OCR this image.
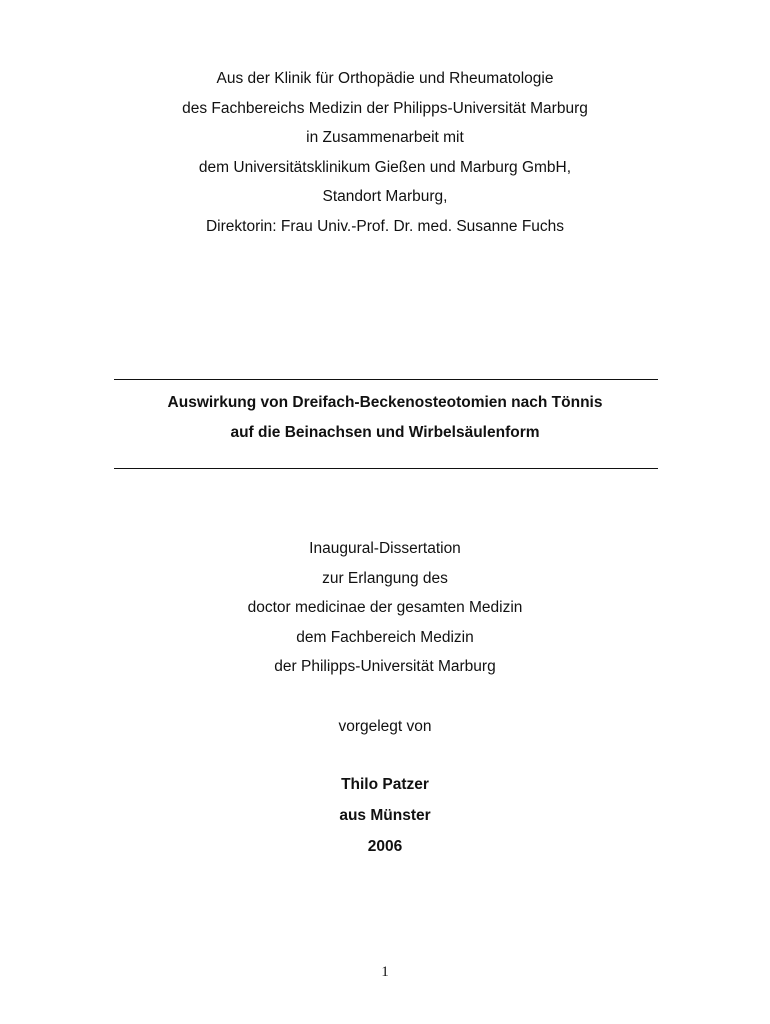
Aus der Klinik für Orthopädie und Rheumatologie
des Fachbereichs Medizin der Philipps-Universität Marburg
in Zusammenarbeit mit
dem Universitätsklinikum Gießen und Marburg GmbH,
Standort Marburg,
Direktorin: Frau Univ.-Prof. Dr. med. Susanne Fuchs
Auswirkung von Dreifach-Beckenosteotomien nach Tönnis
auf die Beinachsen und Wirbelsäulenform
Inaugural-Dissertation
zur Erlangung des
doctor medicinae der gesamten Medizin
dem Fachbereich Medizin
der Philipps-Universität Marburg
vorgelegt von
Thilo Patzer
aus Münster
2006
1
